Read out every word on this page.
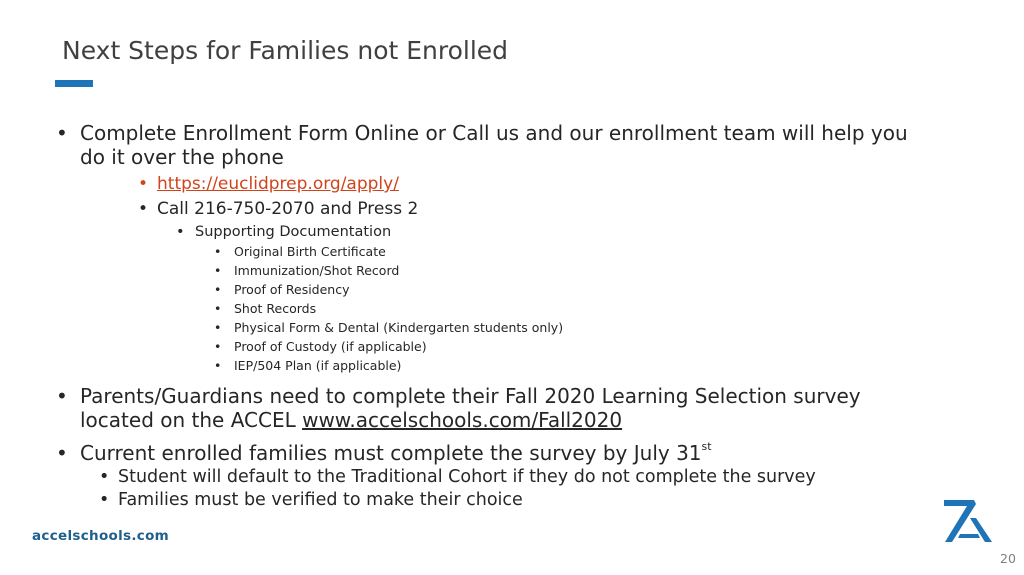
Next Steps for Families not Enrolled
• Complete Enrollment Form Online or Call us and our enrollment team will help you
do it over the phone
• https://euclidprep.org/apply/
• Call 216-750-2070 and Press 2
• Supporting Documentation
• Original Birth Certificate
• Immunization/Shot Record
• Proof of Residency
• Shot Records
• Physical Form & Dental (Kindergarten students only)
• Proof of Custody (if applicable)
• IEP/504 Plan (if applicable)
• Parents/Guardians need to complete their Fall 2020 Learning Selection survey
located on the ACCEL www.accelschools.com/Fall2020
• Current enrolled families must complete the survey by July 31st
• Student will default to the Traditional Cohort if they do not complete the survey
• Families must be verified to make their choice
accelschools.com
20
